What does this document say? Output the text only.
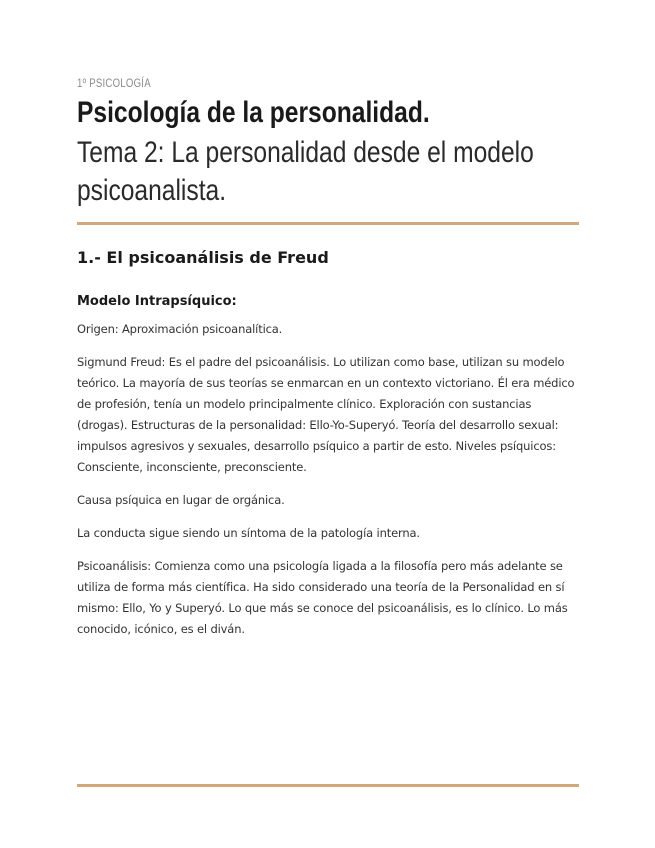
1º PSICOLOGÍA
Psicología de la personalidad.
Tema 2: La personalidad desde el modelo psicoanalista.
1.- El psicoanálisis de Freud
Modelo Intrapsíquico:

Origen: Aproximación psicoanalítica.

Sigmund Freud: Es el padre del psicoanálisis. Lo utilizan como base, utilizan su modelo teórico. La mayoría de sus teorías se enmarcan en un contexto victoriano. Él era médico de profesión, tenía un modelo principalmente clínico. Exploración con sustancias (drogas). Estructuras de la personalidad: Ello-Yo-Superyó. Teoría del desarrollo sexual: impulsos agresivos y sexuales, desarrollo psíquico a partir de esto. Niveles psíquicos: Consciente, inconsciente, preconsciente.

Causa psíquica en lugar de orgánica.

La conducta sigue siendo un síntoma de la patología interna.

Psicoanálisis: Comienza como una psicología ligada a la filosofía pero más adelante se utiliza de forma más científica. Ha sido considerado una teoría de la Personalidad en sí mismo: Ello, Yo y Superyó. Lo que más se conoce del psicoanálisis, es lo clínico. Lo más conocido, icónico, es el diván.
